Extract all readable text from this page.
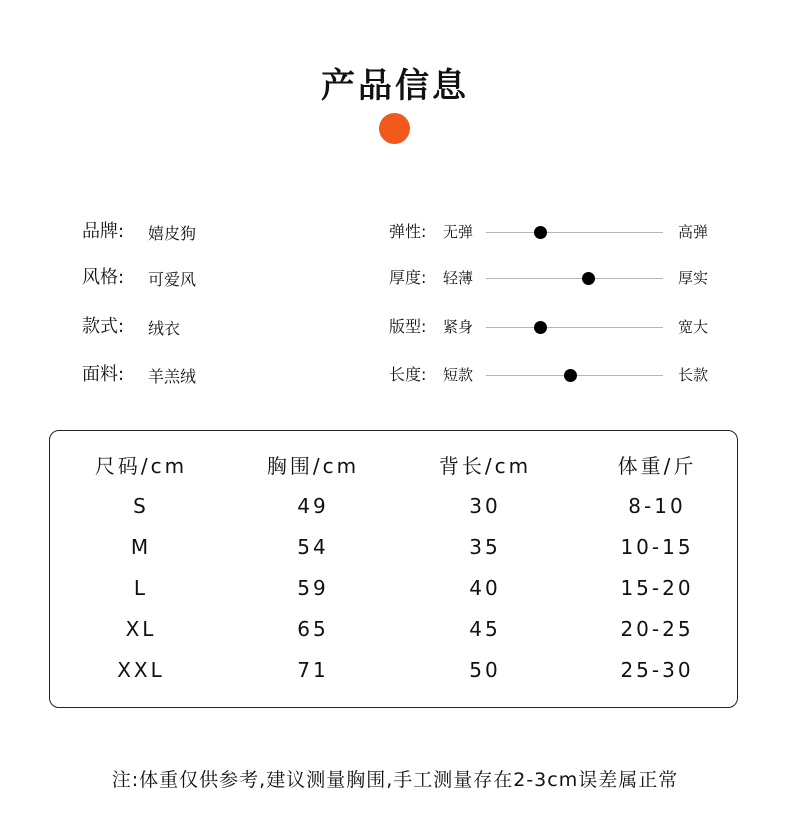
产品信息
品牌: 嬉皮狗	弹性: 无弹	高弹
风格: 可爱风	厚度: 轻薄	厚实
款式: 绒衣	版型: 紧身	宽大
面料: 羊羔绒	长度: 短款	长款
尺码/cm	胸围/cm	背长/cm	体重/斤
S	49	30	8-10
M	54	35	10-15
L	59	40	15-20
XL	65	45	20-25
XXL	71	50	25-30
注:体重仅供参考,建议测量胸围,手工测量存在2-3cm误差属正常
